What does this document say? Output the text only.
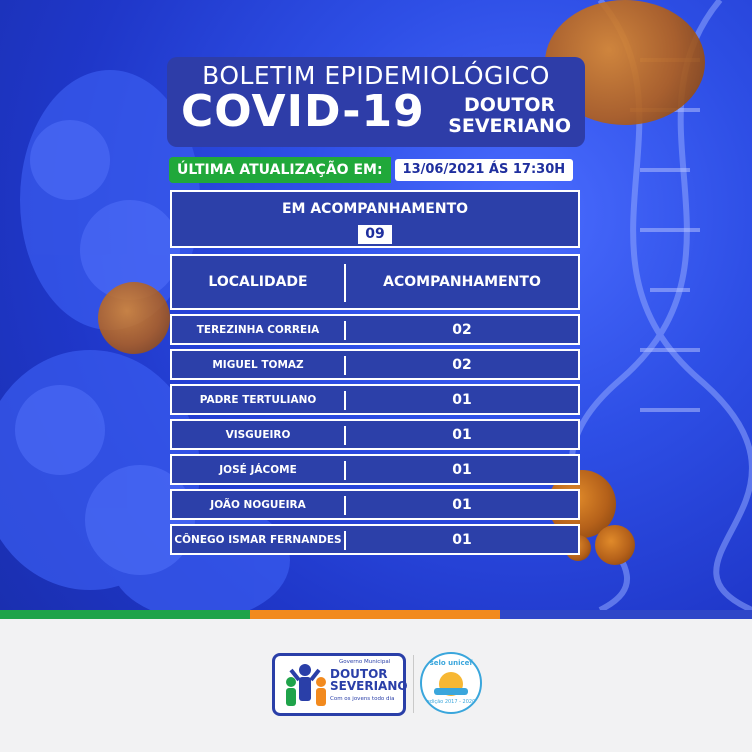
BOLETIM EPIDEMIOLÓGICO
COVID-19	DOUTOR
SEVERIANO
ÚLTIMA ATUALIZAÇÃO EM:	13/06/2021 ÁS 17:30H
EM ACOMPANHAMENTO
09
LOCALIDADE	ACOMPANHAMENTO
TEREZINHA CORREIA	02
MIGUEL TOMAZ	02
PADRE TERTULIANO	01
VISGUEIRO	01
JOSÉ JÁCOME	01
JOÃO NOGUEIRA	01
CÔNEGO ISMAR FERNANDES	01
Governo Municipal
DOUTOR
SEVERIANO
Com os jovens todo dia
selo unicef
edição 2017 - 2020
